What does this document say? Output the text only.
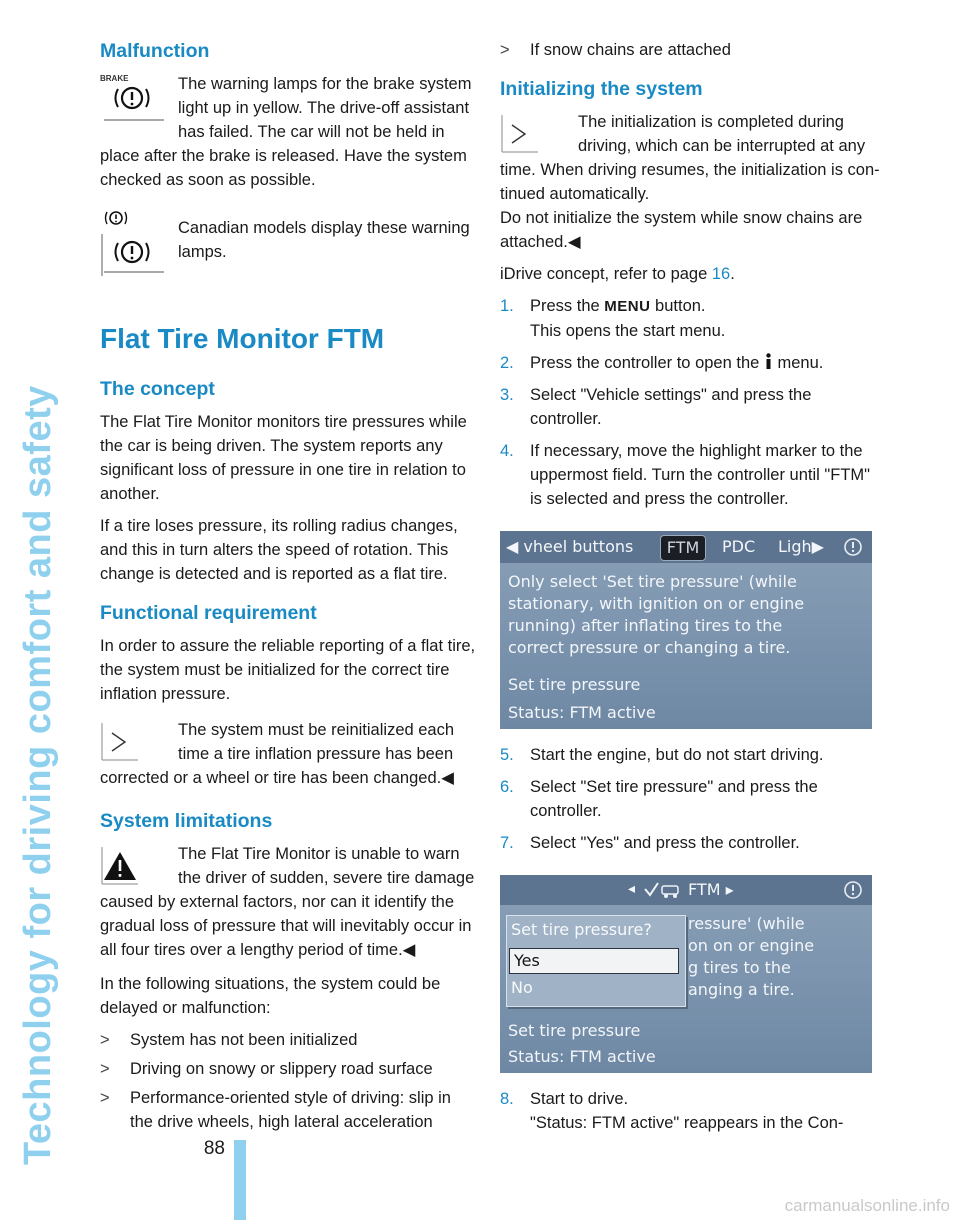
Technology for driving comfort and safety	88
carmanualsonline.info
Malfunction
BRAKE	The warning lamps for the brake system light up in yellow. The drive-off assistant has failed. The car will not be held in place after the brake is released. Have the system checked as soon as possible.

Canadian models display these warning lamps.

Flat Tire Monitor FTM
The concept

The Flat Tire Monitor monitors tire pressures while the car is being driven. The system reports any significant loss of pressure in one tire in relation to another.

If a tire loses pressure, its rolling radius changes, and this in turn alters the speed of rotation. This change is detected and is reported as a flat tire.

Functional requirement

In order to assure the reliable reporting of a flat tire, the system must be initialized for the correct tire inflation pressure.

The system must be reinitialized each time a tire inflation pressure has been corrected or a wheel or tire has been changed.◀

System limitations

The Flat Tire Monitor is unable to warn the driver of sudden, severe tire damage caused by external factors, nor can it identify the gradual loss of pressure that will inevitably occur in all four tires over a lengthy period of time.◀

In the following situations, the system could be delayed or malfunction:

> System has not been initialized
> Driving on snowy or slippery road surface
> Performance-oriented style of driving: slip in the drive wheels, high lateral acceleration
> If snow chains are attached
Initializing the system

The initialization is completed during driving, which can be interrupted at any time. When driving resumes, the initialization is continued automatically.

Do not initialize the system while snow chains are attached.◀

iDrive concept, refer to page 16.

1. Press the MENU button.
This opens the start menu.
2. Press the controller to open the  menu.
3. Select "Vehicle settings" and press the controller.
4. If necessary, move the highlight marker to the uppermost field. Turn the controller until "FTM" is selected and press the controller.
◀ vheel buttons	FTM	PDC Ligh▶
Only select 'Set tire pressure' (while
stationary, with ignition on or engine
running) after inflating tires to the
correct pressure or changing a tire.
Set tire pressure
Status: FTM active
5. Start the engine, but do not start driving.
6. Select "Set tire pressure" and press the controller.
7. Select "Yes" and press the controller.
◂	FTM ▸
ressure' (while
on on or engine
g tires to the
anging a tire.
Set tire pressure?
Yes
No
Set tire pressure
Status: FTM active
8. Start to drive.
"Status: FTM active" reappears in the Con-
